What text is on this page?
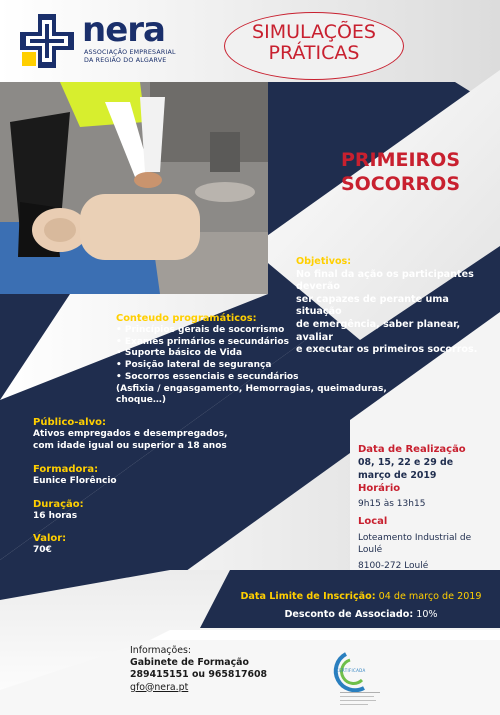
nera
ASSOCIAÇÃO EMPRESARIAL
DA REGIÃO DO ALGARVE
SIMULAÇÕES
PRÁTICAS
PRIMEIROS
SOCORROS
Objetivos:
No final da ação os participantes deverão
ser capazes de perante uma situação
de emergência, saber planear, avaliar
e executar os primeiros socorros.
Conteudo programáticos:
• Princípios gerais de socorrismo
• Exames primários e secundários
• Suporte básico de Vida
• Posição lateral de segurança
• Socorros essenciais e secundários
(Asfixia / engasgamento, Hemorragias, queimaduras, choque…)
Público-alvo:
Ativos empregados e desempregados,
com idade igual ou superior a 18 anos
Formadora:
Eunice Florêncio
Duração:
16 horas
Valor:
70€
Data de Realização
08, 15, 22 e 29 de
março de 2019
Horário
9h15 às 13h15
Local
Loteamento Industrial de Loulé
8100-272 Loulé
Data Limite de Inscrição: 04 de março de 2019
Desconto de Associado: 10%
Informações:
Gabinete de Formação
289415151 ou 965817608
gfo@nera.pt
CERTIFICADA
